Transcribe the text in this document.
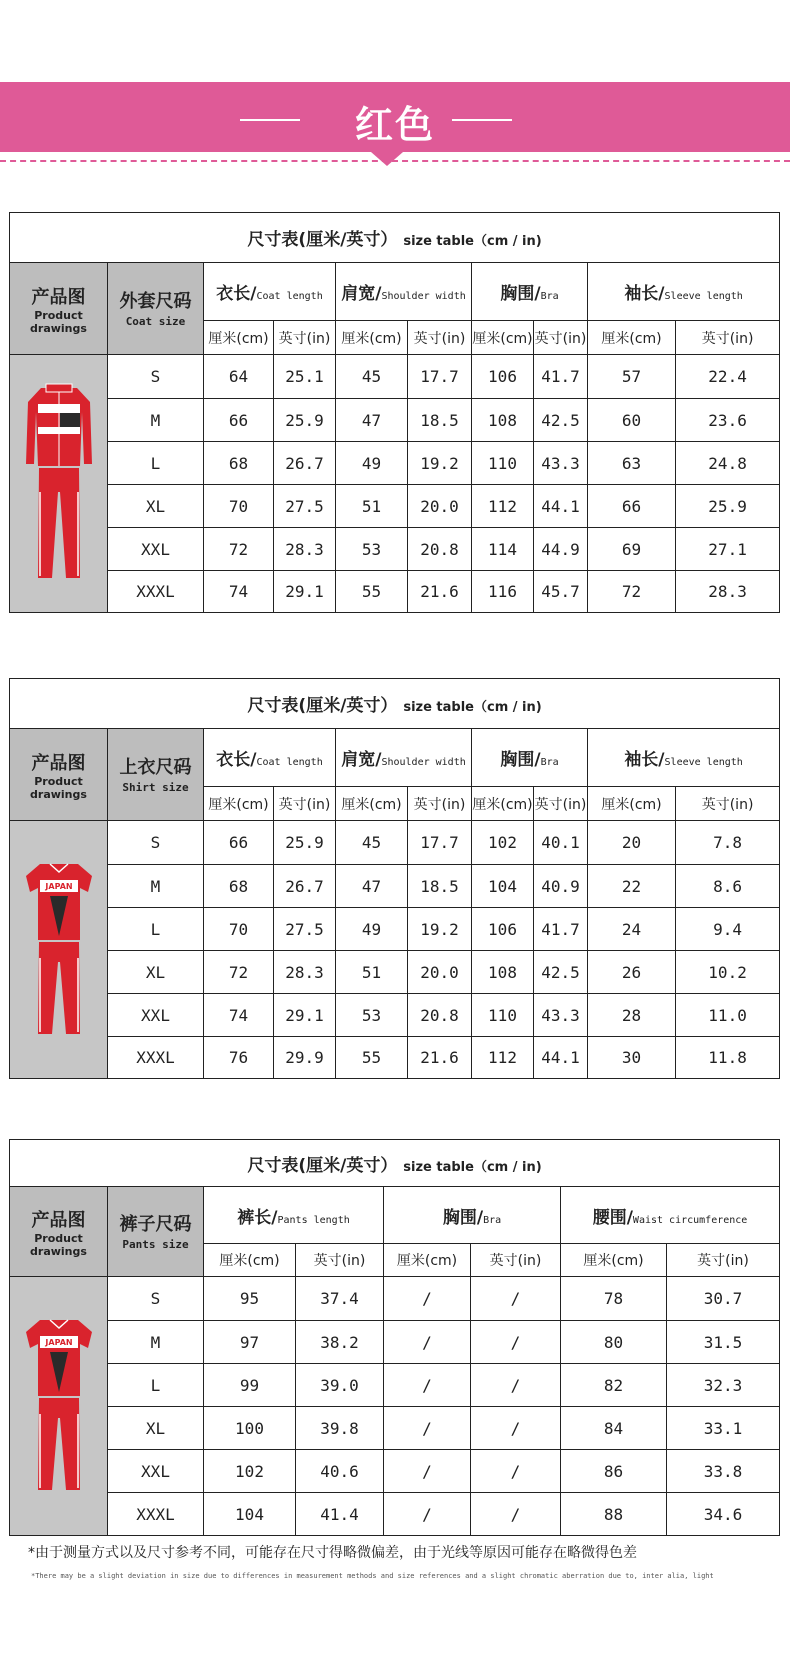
红色
尺寸表(厘米/英寸） size table（cm / in)									

产品图
Product drawings	外套尺码
Coat size	衣长/Coat length		肩宽/Shoulder width		胸围/Bra		袖长/Sleeve length	
		厘米(cm)	英寸(in)	厘米(cm)	英寸(in)	厘米(cm)	英寸(in)	厘米(cm)	英寸(in)
	S	64	25.1	45	17.7	106	41.7	57	22.4
	M	66	25.9	47	18.5	108	42.5	60	23.6
	L	68	26.7	49	19.2	110	43.3	63	24.8
	XL	70	27.5	51	20.0	112	44.1	66	25.9
	XXL	72	28.3	53	20.8	114	44.9	69	27.1
	XXXL	74	29.1	55	21.6	116	45.7	72	28.3
尺寸表(厘米/英寸） size table（cm / in)									

产品图
Product drawings	上衣尺码
Shirt size	衣长/Coat length		肩宽/Shoulder width		胸围/Bra		袖长/Sleeve length	
		厘米(cm)	英寸(in)	厘米(cm)	英寸(in)	厘米(cm)	英寸(in)	厘米(cm)	英寸(in)

JAPAN	S	66	25.9	45	17.7	102	40.1	20	7.8
	M	68	26.7	47	18.5	104	40.9	22	8.6
	L	70	27.5	49	19.2	106	41.7	24	9.4
	XL	72	28.3	51	20.0	108	42.5	26	10.2
	XXL	74	29.1	53	20.8	110	43.3	28	11.0
	XXXL	76	29.9	55	21.6	112	44.1	30	11.8
尺寸表(厘米/英寸） size table（cm / in)							

产品图
Product drawings	裤子尺码
Pants size	裤长/Pants length		胸围/Bra		腰围/Waist circumference	
		厘米(cm)	英寸(in)	厘米(cm)	英寸(in)	厘米(cm)	英寸(in)

JAPAN	S	95	37.4	/	/	78	30.7
	M	97	38.2	/	/	80	31.5
	L	99	39.0	/	/	82	32.3
	XL	100	39.8	/	/	84	33.1
	XXL	102	40.6	/	/	86	33.8
	XXXL	104	41.4	/	/	88	34.6
*由于测量方式以及尺寸参考不同，可能存在尺寸得略微偏差，由于光线等原因可能存在略微得色差
*There may be a slight deviation in size due to differences in measurement methods and size references and a slight chromatic aberration due to, inter alia, light
